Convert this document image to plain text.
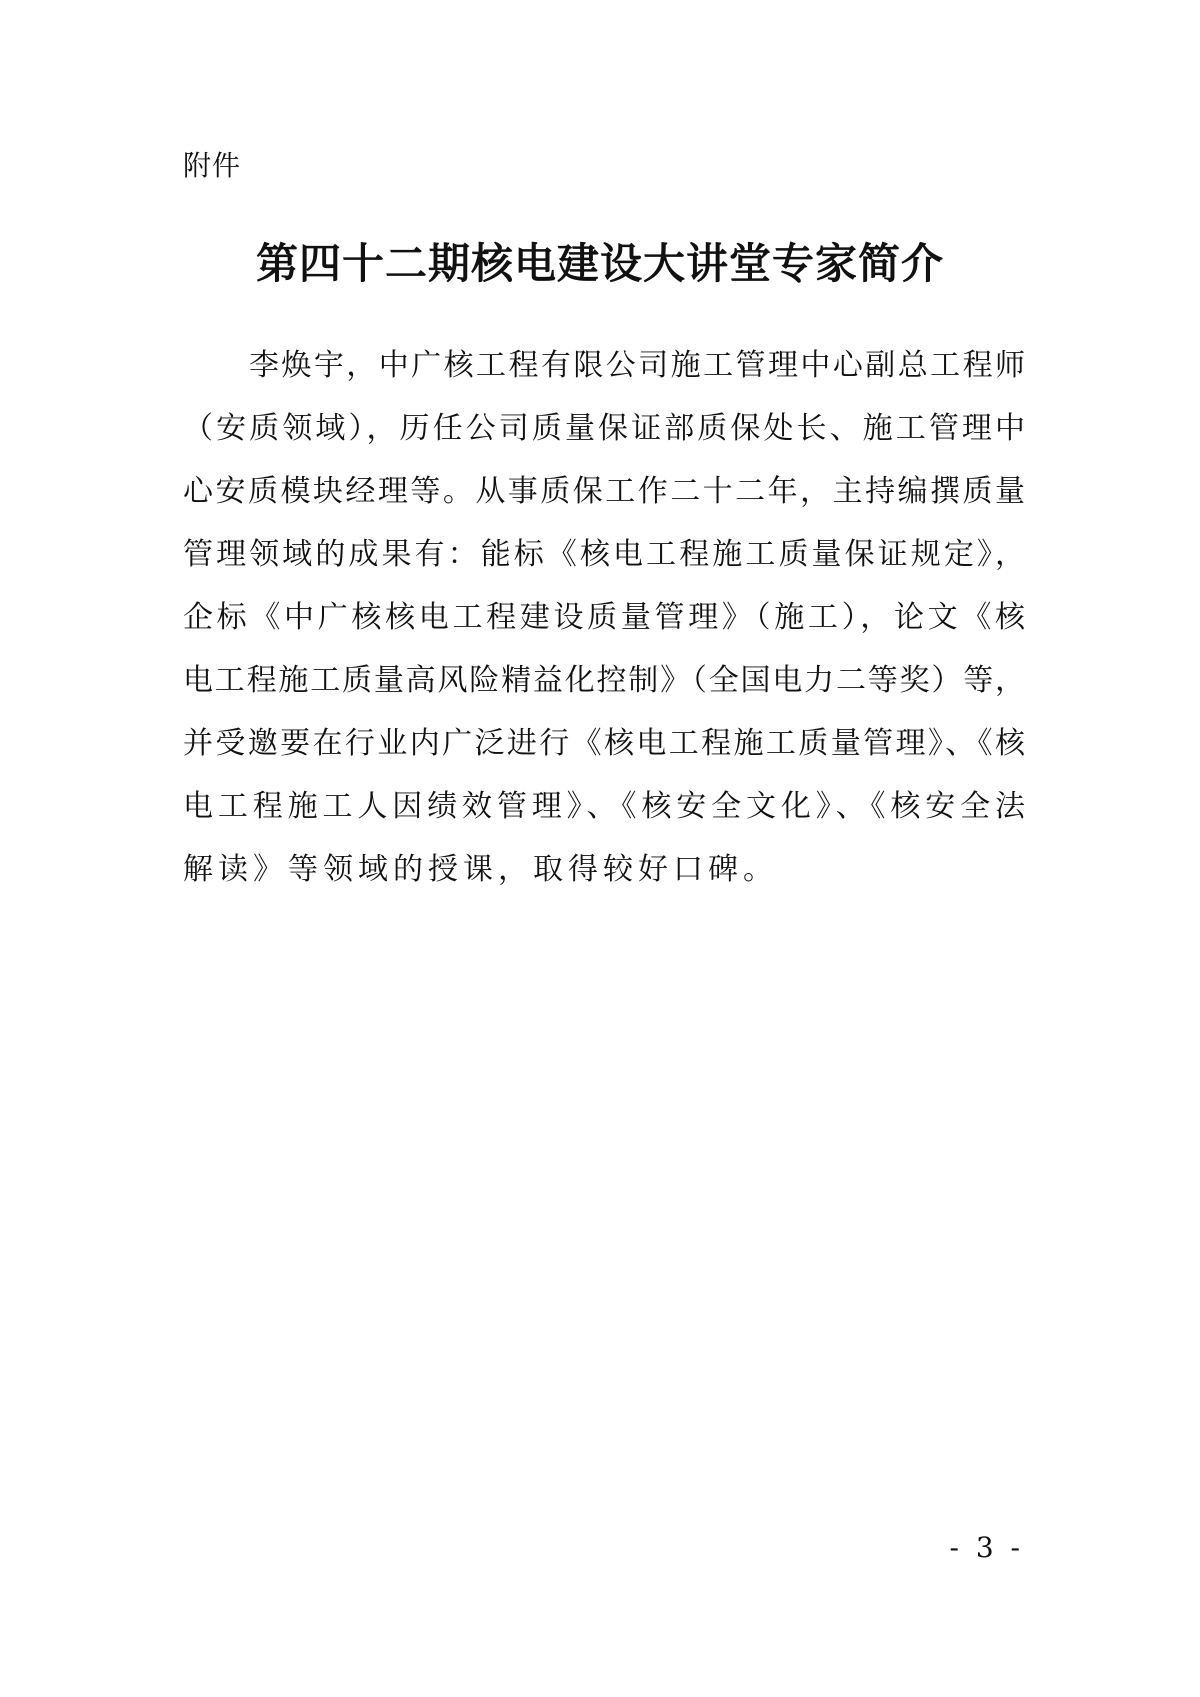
附件
第四十二期核电建设大讲堂专家简介
李焕宇，中广核工程有限公司施工管理中心副总工程师
（安质领域），历任公司质量保证部质保处长、施工管理中
心安质模块经理等。从事质保工作二十二年，主持编撰质量
管理领域的成果有：能标《核电工程施工质量保证规定》，
企标《中广核核电工程建设质量管理》（施工），论文《核
电工程施工质量高风险精益化控制》（全国电力二等奖）等，
并受邀要在行业内广泛进行《核电工程施工质量管理》、《核
电工程施工人因绩效管理》、《核安全文化》、《核安全法
解读》等领域的授课，取得较好口碑。
- 3 -
